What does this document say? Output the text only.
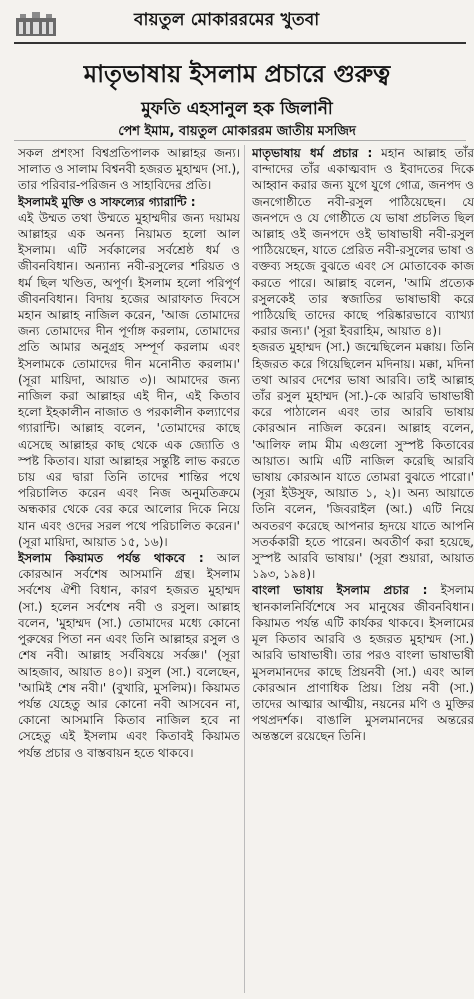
বায়তুল মোকাররমের খুতবা
মাতৃভাষায় ইসলাম প্রচারে গুরুত্ব
মুফতি এহসানুল হক জিলানী
পেশ ইমাম, বায়তুল মোকাররম জাতীয় মসজিদ

সকল প্রশংসা বিশ্বপ্রতিপালক আল্লাহর জন্য। সালাত ও সালাম বিশ্বনবী হজরত মুহাম্মদ (সা.), তার পরিবার-পরিজন ও সাহাবিদের প্রতি।

ইসলামই মুক্তি ও সাফল্যের গ্যারান্টি :

এই উম্মত তথা উম্মতে মুহাম্মদীর জন্য দয়াময় আল্লাহর এক অনন্য নিয়ামত হলো আল ইসলাম। এটি সর্বকালের সর্বশ্রেষ্ঠ ধর্ম ও জীবনবিধান। অন্যান্য নবী-রসুলের শরিয়ত ও ধর্ম ছিল খণ্ডিত, অপূর্ণ। ইসলাম হলো পরিপূর্ণ জীবনবিধান। বিদায় হজের আরাফাত দিবসে মহান আল্লাহ নাজিল করেন, 'আজ তোমাদের জন্য তোমাদের দীন পূর্ণাঙ্গ করলাম, তোমাদের প্রতি আমার অনুগ্রহ সম্পূর্ণ করলাম এবং ইসলামকে তোমাদের দীন মনোনীত করলাম।' (সূরা মায়িদা, আয়াত ৩)। আমাদের জন্য নাজিল করা আল্লাহর এই দীন, এই কিতাব হলো ইহকালীন নাজাত ও পরকালীন কল্যাণের গ্যারান্টি। আল্লাহ বলেন, 'তোমাদের কাছে এসেছে আল্লাহর কাছ থেকে এক জ্যোতি ও স্পষ্ট কিতাব। যারা আল্লাহর সন্তুষ্টি লাভ করতে চায় এর দ্বারা তিনি তাদের শান্তির পথে পরিচালিত করেন এবং নিজ অনুমতিক্রমে অন্ধকার থেকে বের করে আলোর দিকে নিয়ে যান এবং ওদের সরল পথে পরিচালিত করেন।' (সূরা মায়িদা, আয়াত ১৫, ১৬)।

ইসলাম কিয়ামত পর্যন্ত থাকবে : আল কোরআন সর্বশেষ আসমানি গ্রন্থ। ইসলাম সর্বশেষ ঐশী বিধান, কারণ হজরত মুহাম্মদ (সা.) হলেন সর্বশেষ নবী ও রসুল। আল্লাহ বলেন, 'মুহাম্মদ (সা.) তোমাদের মধ্যে কোনো পুরুষের পিতা নন এবং তিনি আল্লাহর রসুল ও শেষ নবী। আল্লাহ সর্ববিষয়ে সর্বজ্ঞ।' (সূরা আহজাব, আয়াত ৪০)। রসুল (সা.) বলেছেন, 'আমিই শেষ নবী।' (বুখারি, মুসলিম)। কিয়ামত পর্যন্ত যেহেতু আর কোনো নবী আসবেন না, কোনো আসমানি কিতাব নাজিল হবে না সেহেতু এই ইসলাম এবং কিতাবই কিয়ামত পর্যন্ত প্রচার ও বাস্তবায়ন হতে থাকবে।

মাতৃভাষায় ধর্ম প্রচার : মহান আল্লাহ তাঁর বান্দাদের তাঁর একাত্মবাদ ও ইবাদতের দিকে আহ্বান করার জন্য যুগে যুগে গোত্র, জনপদ ও জনগোষ্ঠীতে নবী-রসুল পাঠিয়েছেন। যে জনপদে ও যে গোষ্ঠীতে যে ভাষা প্রচলিত ছিল আল্লাহ ওই জনপদে ওই ভাষাভাষী নবী-রসুল পাঠিয়েছেন, যাতে প্রেরিত নবী-রসুলের ভাষা ও বক্তব্য সহজে বুঝতে এবং সে মোতাবেক কাজ করতে পারে। আল্লাহ বলেন, 'আমি প্রত্যেক রসুলকেই তার স্বজাতির ভাষাভাষী করে পাঠিয়েছি তাদের কাছে পরিষ্কারভাবে ব্যাখ্যা করার জন্য।' (সূরা ইবরাহিম, আয়াত ৪)।

হজরত মুহাম্মদ (সা.) জন্মেছিলেন মক্কায়। তিনি হিজরত করে গিয়েছিলেন মদিনায়। মক্কা, মদিনা তথা আরব দেশের ভাষা আরবি। তাই আল্লাহ তাঁর রসুল মুহাম্মদ (সা.)-কে আরবি ভাষাভাষী করে পাঠালেন এবং তার আরবি ভাষায় কোরআন নাজিল করেন। আল্লাহ বলেন, 'আলিফ লাম মীম এগুলো সুস্পষ্ট কিতাবের আয়াত। আমি এটি নাজিল করেছি আরবি ভাষায় কোরআন যাতে তোমরা বুঝতে পারো।' (সূরা ইউসুফ, আয়াত ১, ২)। অন্য আয়াতে তিনি বলেন, 'জিবরাইল (আ.) এটি নিয়ে অবতরণ করেছে আপনার হৃদয়ে যাতে আপনি সতর্ককারী হতে পারেন। অবতীর্ণ করা হয়েছে, সুস্পষ্ট আরবি ভাষায়।' (সূরা শুয়ারা, আয়াত ১৯৩, ১৯৪)।

বাংলা ভাষায় ইসলাম প্রচার : ইসলাম স্থানকালনির্বিশেষে সব মানুষের জীবনবিধান। কিয়ামত পর্যন্ত এটি কার্যকর থাকবে। ইসলামের মূল কিতাব আরবি ও হজরত মুহাম্মদ (সা.) আরবি ভাষাভাষী। তার পরও বাংলা ভাষাভাষী মুসলমানদের কাছে প্রিয়নবী (সা.) এবং আল কোরআন প্রাণাধিক প্রিয়। প্রিয় নবী (সা.) তাদের আত্মার আত্মীয়, নয়নের মণি ও মুক্তির পথপ্রদর্শক। বাঙালি মুসলমানদের অন্তরের অন্তস্তলে রয়েছেন তিনি।
